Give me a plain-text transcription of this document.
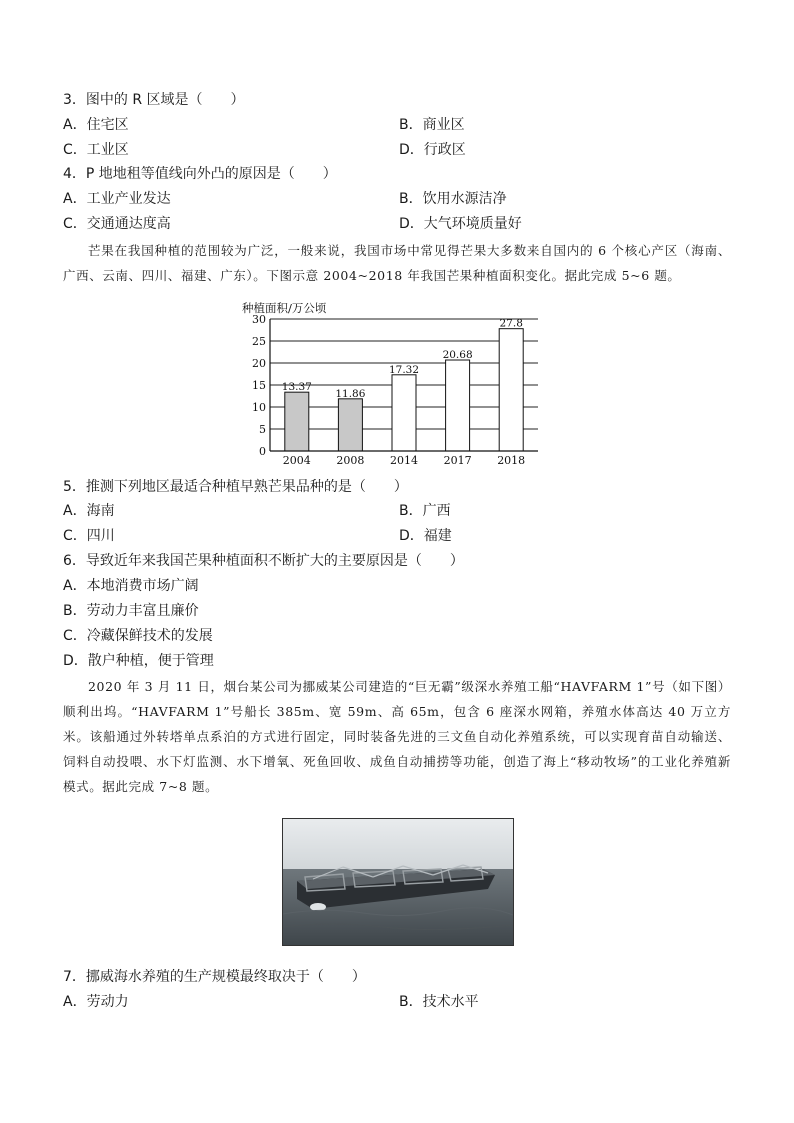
3．图中的 R 区域是（　　）
A．住宅区	B．商业区
C．工业区	D．行政区
4．P 地地租等值线向外凸的原因是（　　）
A．工业产业发达	B．饮用水源洁净
C．交通通达度高	D．大气环境质量好

芒果在我国种植的范围较为广泛，一般来说，我国市场中常见得芒果大多数来自国内的 6 个核心产区（海南、广西、云南、四川、福建、广东）。下图示意 2004~2018 年我国芒果种植面积变化。据此完成 5~6 题。

种植面积/万公顷
13.37
11.86
17.32
20.68
27.8
0
5
10
15
20
25
30
2004 2008 2014 2017 2018
5．推测下列地区最适合种植早熟芒果品种的是（　　）
A．海南	B．广西
C．四川	D．福建
6．导致近年来我国芒果种植面积不断扩大的主要原因是（　　）
A．本地消费市场广阔
B．劳动力丰富且廉价
C．冷藏保鲜技术的发展
D．散户种植，便于管理

2020 年 3 月 11 日，烟台某公司为挪威某公司建造的“巨无霸”级深水养殖工船“HAVFARM 1”号（如下图）顺利出坞。“HAVFARM 1”号船长 385m、宽 59m、高 65m，包含 6 座深水网箱，养殖水体高达 40 万立方米。该船通过外转塔单点系泊的方式进行固定，同时装备先进的三文鱼自动化养殖系统，可以实现育苗自动输送、饲料自动投喂、水下灯监测、水下增氧、死鱼回收、成鱼自动捕捞等功能，创造了海上“移动牧场”的工业化养殖新模式。据此完成 7~8 题。

7．挪威海水养殖的生产规模最终取决于（　　）
A．劳动力	B．技术水平
